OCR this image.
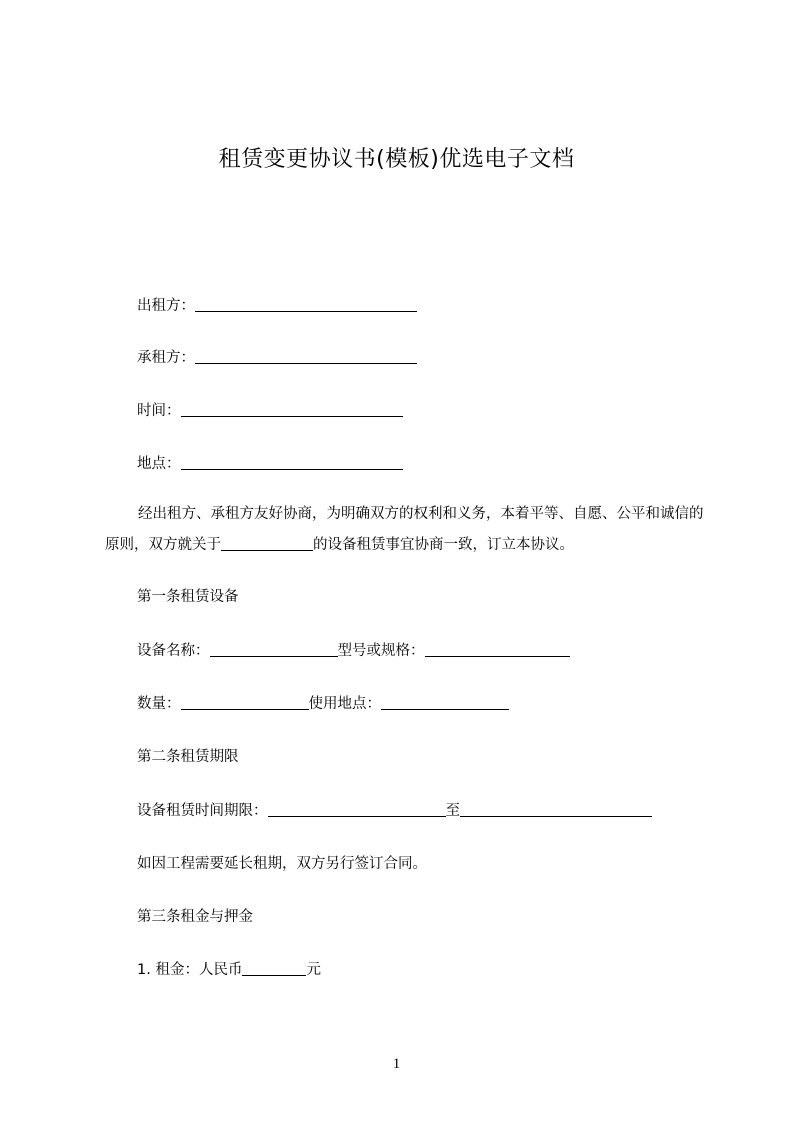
租赁变更协议书(模板)优选电子文档
出租方：
承租方：
时间：
地点：
经出租方、承租方友好协商，为明确双方的权利和义务，本着平等、自愿、公平和诚信的原则，双方就关于	的设备租赁事宜协商一致，订立本协议。
第一条租赁设备
设备名称：	型号或规格：
数量：	使用地点：
第二条租赁期限
设备租赁时间期限：	至
如因工程需要延长租期，双方另行签订合同。
第三条租金与押金
1. 租金：人民币	元
1
